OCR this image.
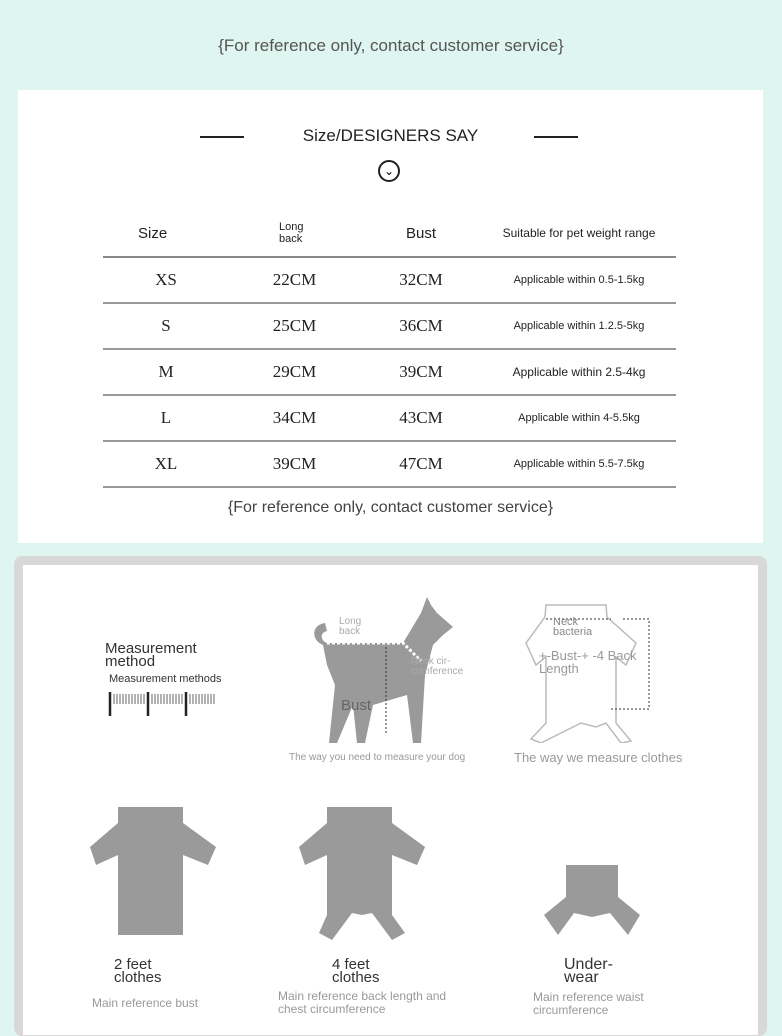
{For reference only, contact customer service}
Size/DESIGNERS SAY
⌄
Size	Long back	Bust	Suitable for pet weight range
XS	22CM	32CM	Applicable within 0.5-1.5kg
S	25CM	36CM	Applicable within 1.2.5-5kg
M	29CM	39CM	Applicable within 2.5-4kg
L	34CM	43CM	Applicable within 4-5.5kg
XL	39CM	47CM	Applicable within 5.5-7.5kg
{For reference only, contact customer service}
Measurement method
Measurement methods
Long back
Neck cir-cumference
Bust
The way you need to measure your dog
Neck bacteria
+-Bust-+ -4 Back Length
The way we measure clothes
2 feet clothes
Main reference bust
4 feet clothes
Main reference back length and chest circumference
Under-wear
Main reference waist circumference
